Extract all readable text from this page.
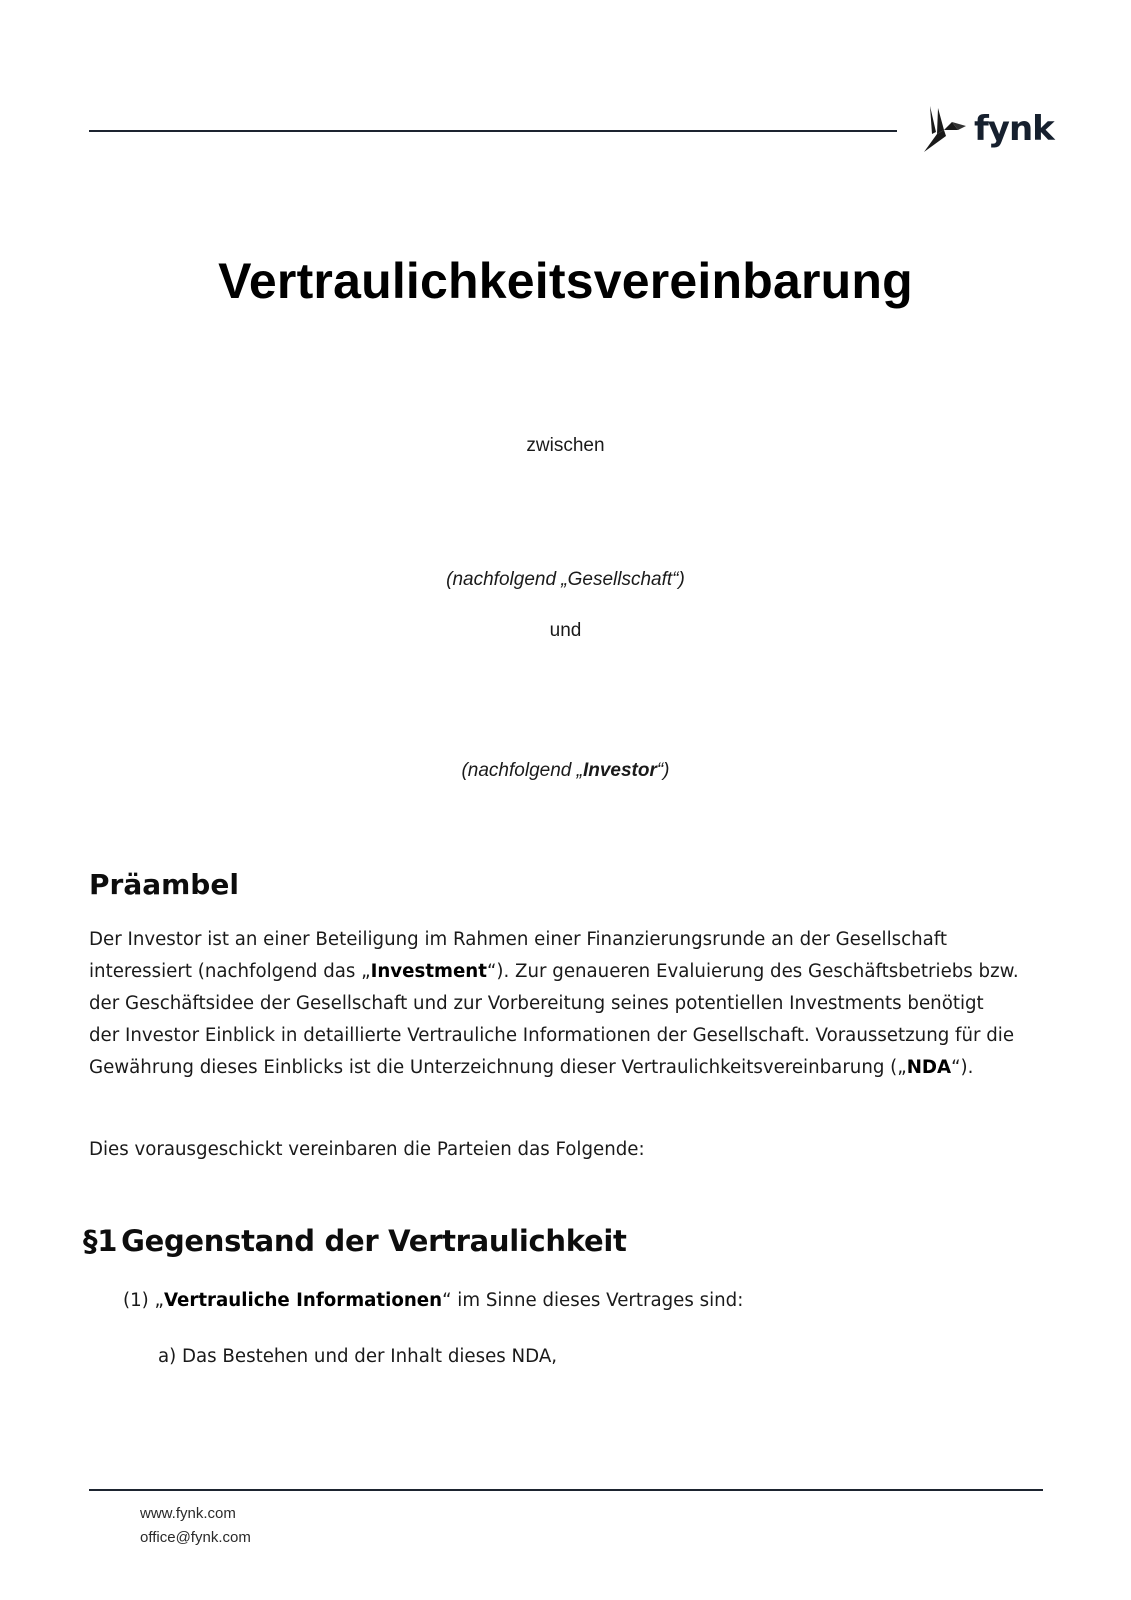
fynk
Vertraulichkeitsvereinbarung
zwischen
(nachfolgend „Gesellschaft“)
und
(nachfolgend „Investor“)
Präambel

Der Investor ist an einer Beteiligung im Rahmen einer Finanzierungsrunde an der Gesellschaft interessiert (nachfolgend das „Investment“). Zur genaueren Evaluierung des Geschäftsbetriebs bzw. der Geschäftsidee der Gesellschaft und zur Vorbereitung seines potentiellen Investments benötigt der Investor Einblick in detaillierte Vertrauliche Informationen der Gesellschaft. Voraussetzung für die Gewährung dieses Einblicks ist die Unterzeichnung dieser Vertraulichkeitsvereinbarung („NDA“).

Dies vorausgeschickt vereinbaren die Parteien das Folgende:

§1 Gegenstand der Vertraulichkeit
(1) „Vertrauliche Informationen“ im Sinne dieses Vertrages sind:
a) Das Bestehen und der Inhalt dieses NDA,
www.fynk.com
office@fynk.com
